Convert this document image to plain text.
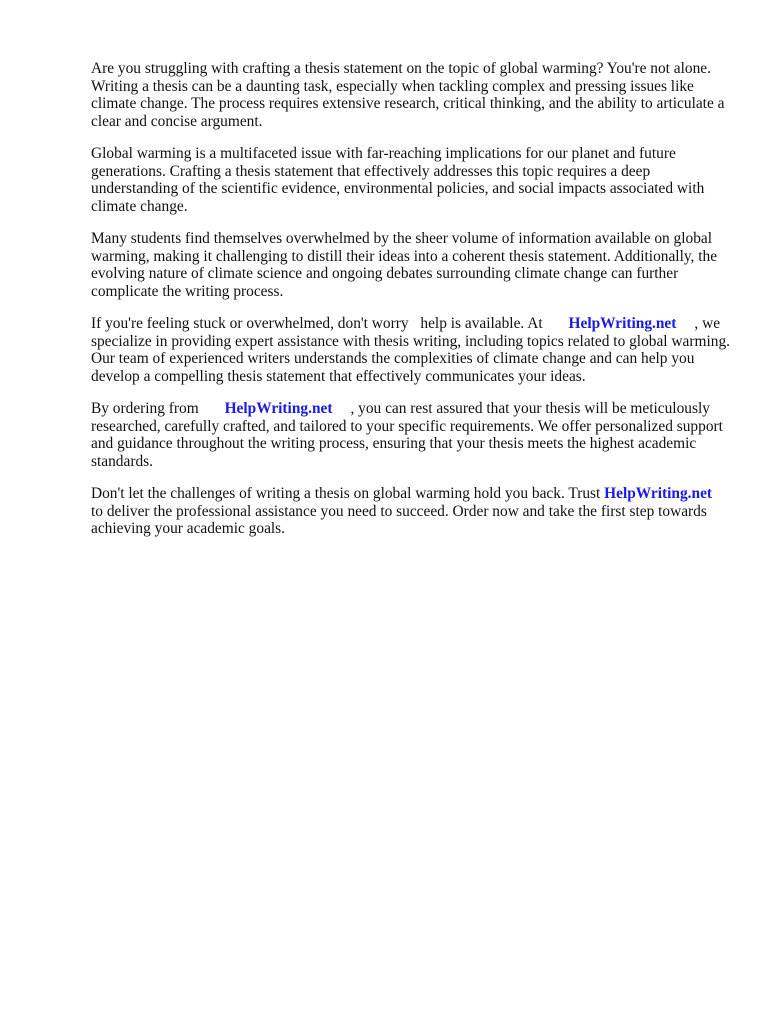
Are you struggling with crafting a thesis statement on the topic of global warming? You're not alone. Writing a thesis can be a daunting task, especially when tackling complex and pressing issues like climate change. The process requires extensive research, critical thinking, and the ability to articulate a clear and concise argument.

Global warming is a multifaceted issue with far-reaching implications for our planet and future generations. Crafting a thesis statement that effectively addresses this topic requires a deep understanding of the scientific evidence, environmental policies, and social impacts associated with climate change.

Many students find themselves overwhelmed by the sheer volume of information available on global warming, making it challenging to distill their ideas into a coherent thesis statement. Additionally, the evolving nature of climate science and ongoing debates surrounding climate change can further complicate the writing process.

If you're feeling stuck or overwhelmed, don't worry help is available. At HelpWriting.net , we specialize in providing expert assistance with thesis writing, including topics related to global warming. Our team of experienced writers understands the complexities of climate change and can help you develop a compelling thesis statement that effectively communicates your ideas.

By ordering from HelpWriting.net , you can rest assured that your thesis will be meticulously researched, carefully crafted, and tailored to your specific requirements. We offer personalized support and guidance throughout the writing process, ensuring that your thesis meets the highest academic standards.

Don't let the challenges of writing a thesis on global warming hold you back. Trust HelpWriting.net to deliver the professional assistance you need to succeed. Order now and take the first step towards achieving your academic goals.
